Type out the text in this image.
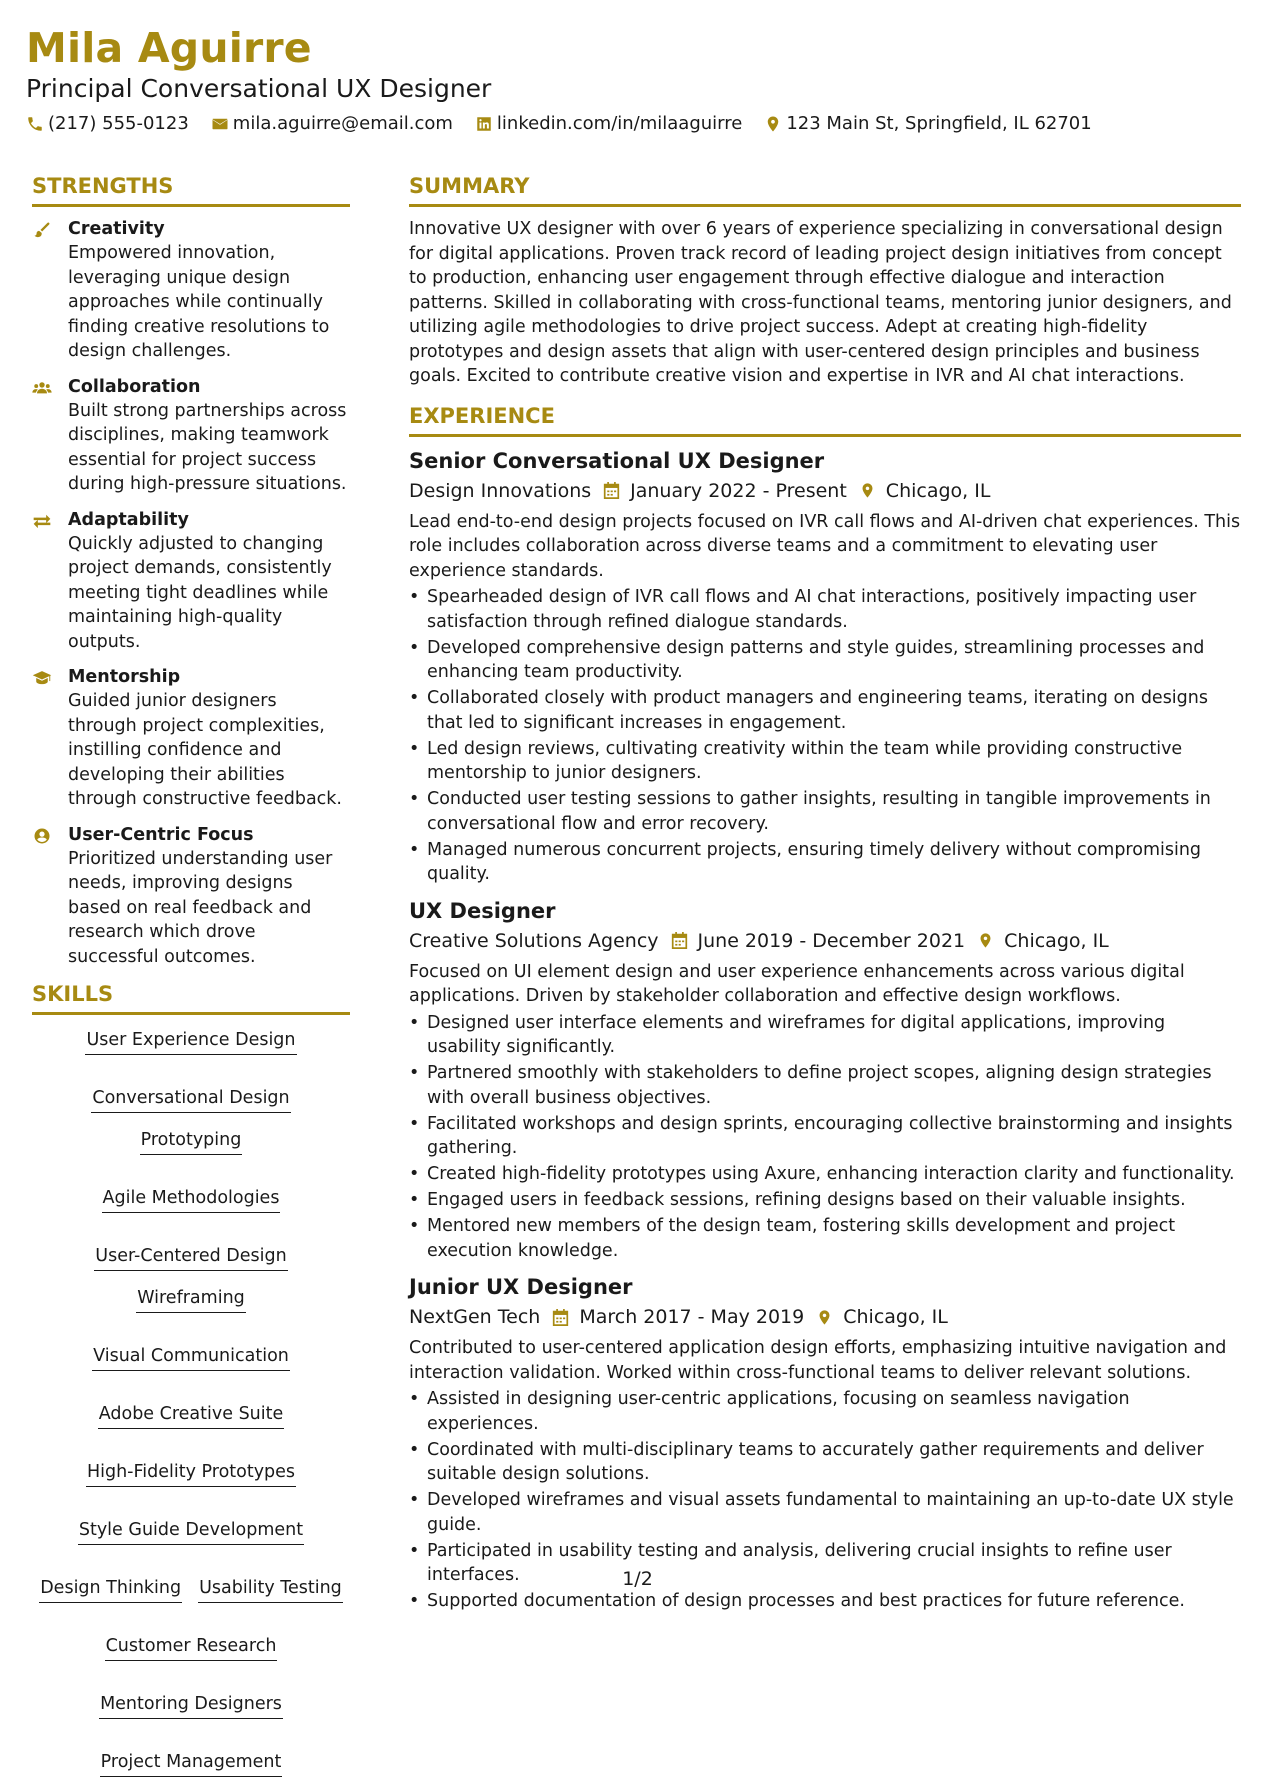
Mila Aguirre
Principal Conversational UX Designer
(217) 555-0123 mila.aguirre@email.com linkedin.com/in/milaaguirre 123 Main St, Springfield, IL 62701
STRENGTHS
Creativity
Empowered innovation, leveraging unique design approaches while continually finding creative resolutions to design challenges.
Collaboration
Built strong partnerships across disciplines, making teamwork essential for project success during high-pressure situations.
Adaptability
Quickly adjusted to changing project demands, consistently meeting tight deadlines while maintaining high-quality outputs.
Mentorship
Guided junior designers through project complexities, instilling confidence and developing their abilities through constructive feedback.
User-Centric Focus
Prioritized understanding user needs, improving designs based on real feedback and research which drove successful outcomes.
SKILLS
User Experience Design
Conversational Design
Prototyping
Agile Methodologies
User-Centered Design
Wireframing
Visual Communication
Adobe Creative Suite
High-Fidelity Prototypes
Style Guide Development
Design Thinking Usability Testing
Customer Research
Mentoring Designers
Project Management
SUMMARY
Innovative UX designer with over 6 years of experience specializing in conversational design for digital applications. Proven track record of leading project design initiatives from concept to production, enhancing user engagement through effective dialogue and interaction patterns. Skilled in collaborating with cross-functional teams, mentoring junior designers, and utilizing agile methodologies to drive project success. Adept at creating high-fidelity prototypes and design assets that align with user-centered design principles and business goals. Excited to contribute creative vision and expertise in IVR and AI chat interactions.
EXPERIENCE
Senior Conversational UX Designer
Design Innovations January 2022 - Present Chicago, IL
Lead end-to-end design projects focused on IVR call flows and AI-driven chat experiences. This role includes collaboration across diverse teams and a commitment to elevating user experience standards.
• Spearheaded design of IVR call flows and AI chat interactions, positively impacting user satisfaction through refined dialogue standards.
• Developed comprehensive design patterns and style guides, streamlining processes and enhancing team productivity.
• Collaborated closely with product managers and engineering teams, iterating on designs that led to significant increases in engagement.
• Led design reviews, cultivating creativity within the team while providing constructive mentorship to junior designers.
• Conducted user testing sessions to gather insights, resulting in tangible improvements in conversational flow and error recovery.
• Managed numerous concurrent projects, ensuring timely delivery without compromising quality.
UX Designer
Creative Solutions Agency June 2019 - December 2021 Chicago, IL
Focused on UI element design and user experience enhancements across various digital applications. Driven by stakeholder collaboration and effective design workflows.
• Designed user interface elements and wireframes for digital applications, improving usability significantly.
• Partnered smoothly with stakeholders to define project scopes, aligning design strategies with overall business objectives.
• Facilitated workshops and design sprints, encouraging collective brainstorming and insights gathering.
• Created high-fidelity prototypes using Axure, enhancing interaction clarity and functionality.
• Engaged users in feedback sessions, refining designs based on their valuable insights.
• Mentored new members of the design team, fostering skills development and project execution knowledge.
Junior UX Designer
NextGen Tech March 2017 - May 2019 Chicago, IL
Contributed to user-centered application design efforts, emphasizing intuitive navigation and interaction validation. Worked within cross-functional teams to deliver relevant solutions.
• Assisted in designing user-centric applications, focusing on seamless navigation experiences.
• Coordinated with multi-disciplinary teams to accurately gather requirements and deliver suitable design solutions.
• Developed wireframes and visual assets fundamental to maintaining an up-to-date UX style guide.
• Participated in usability testing and analysis, delivering crucial insights to refine user interfaces.
• Supported documentation of design processes and best practices for future reference.
1/2
